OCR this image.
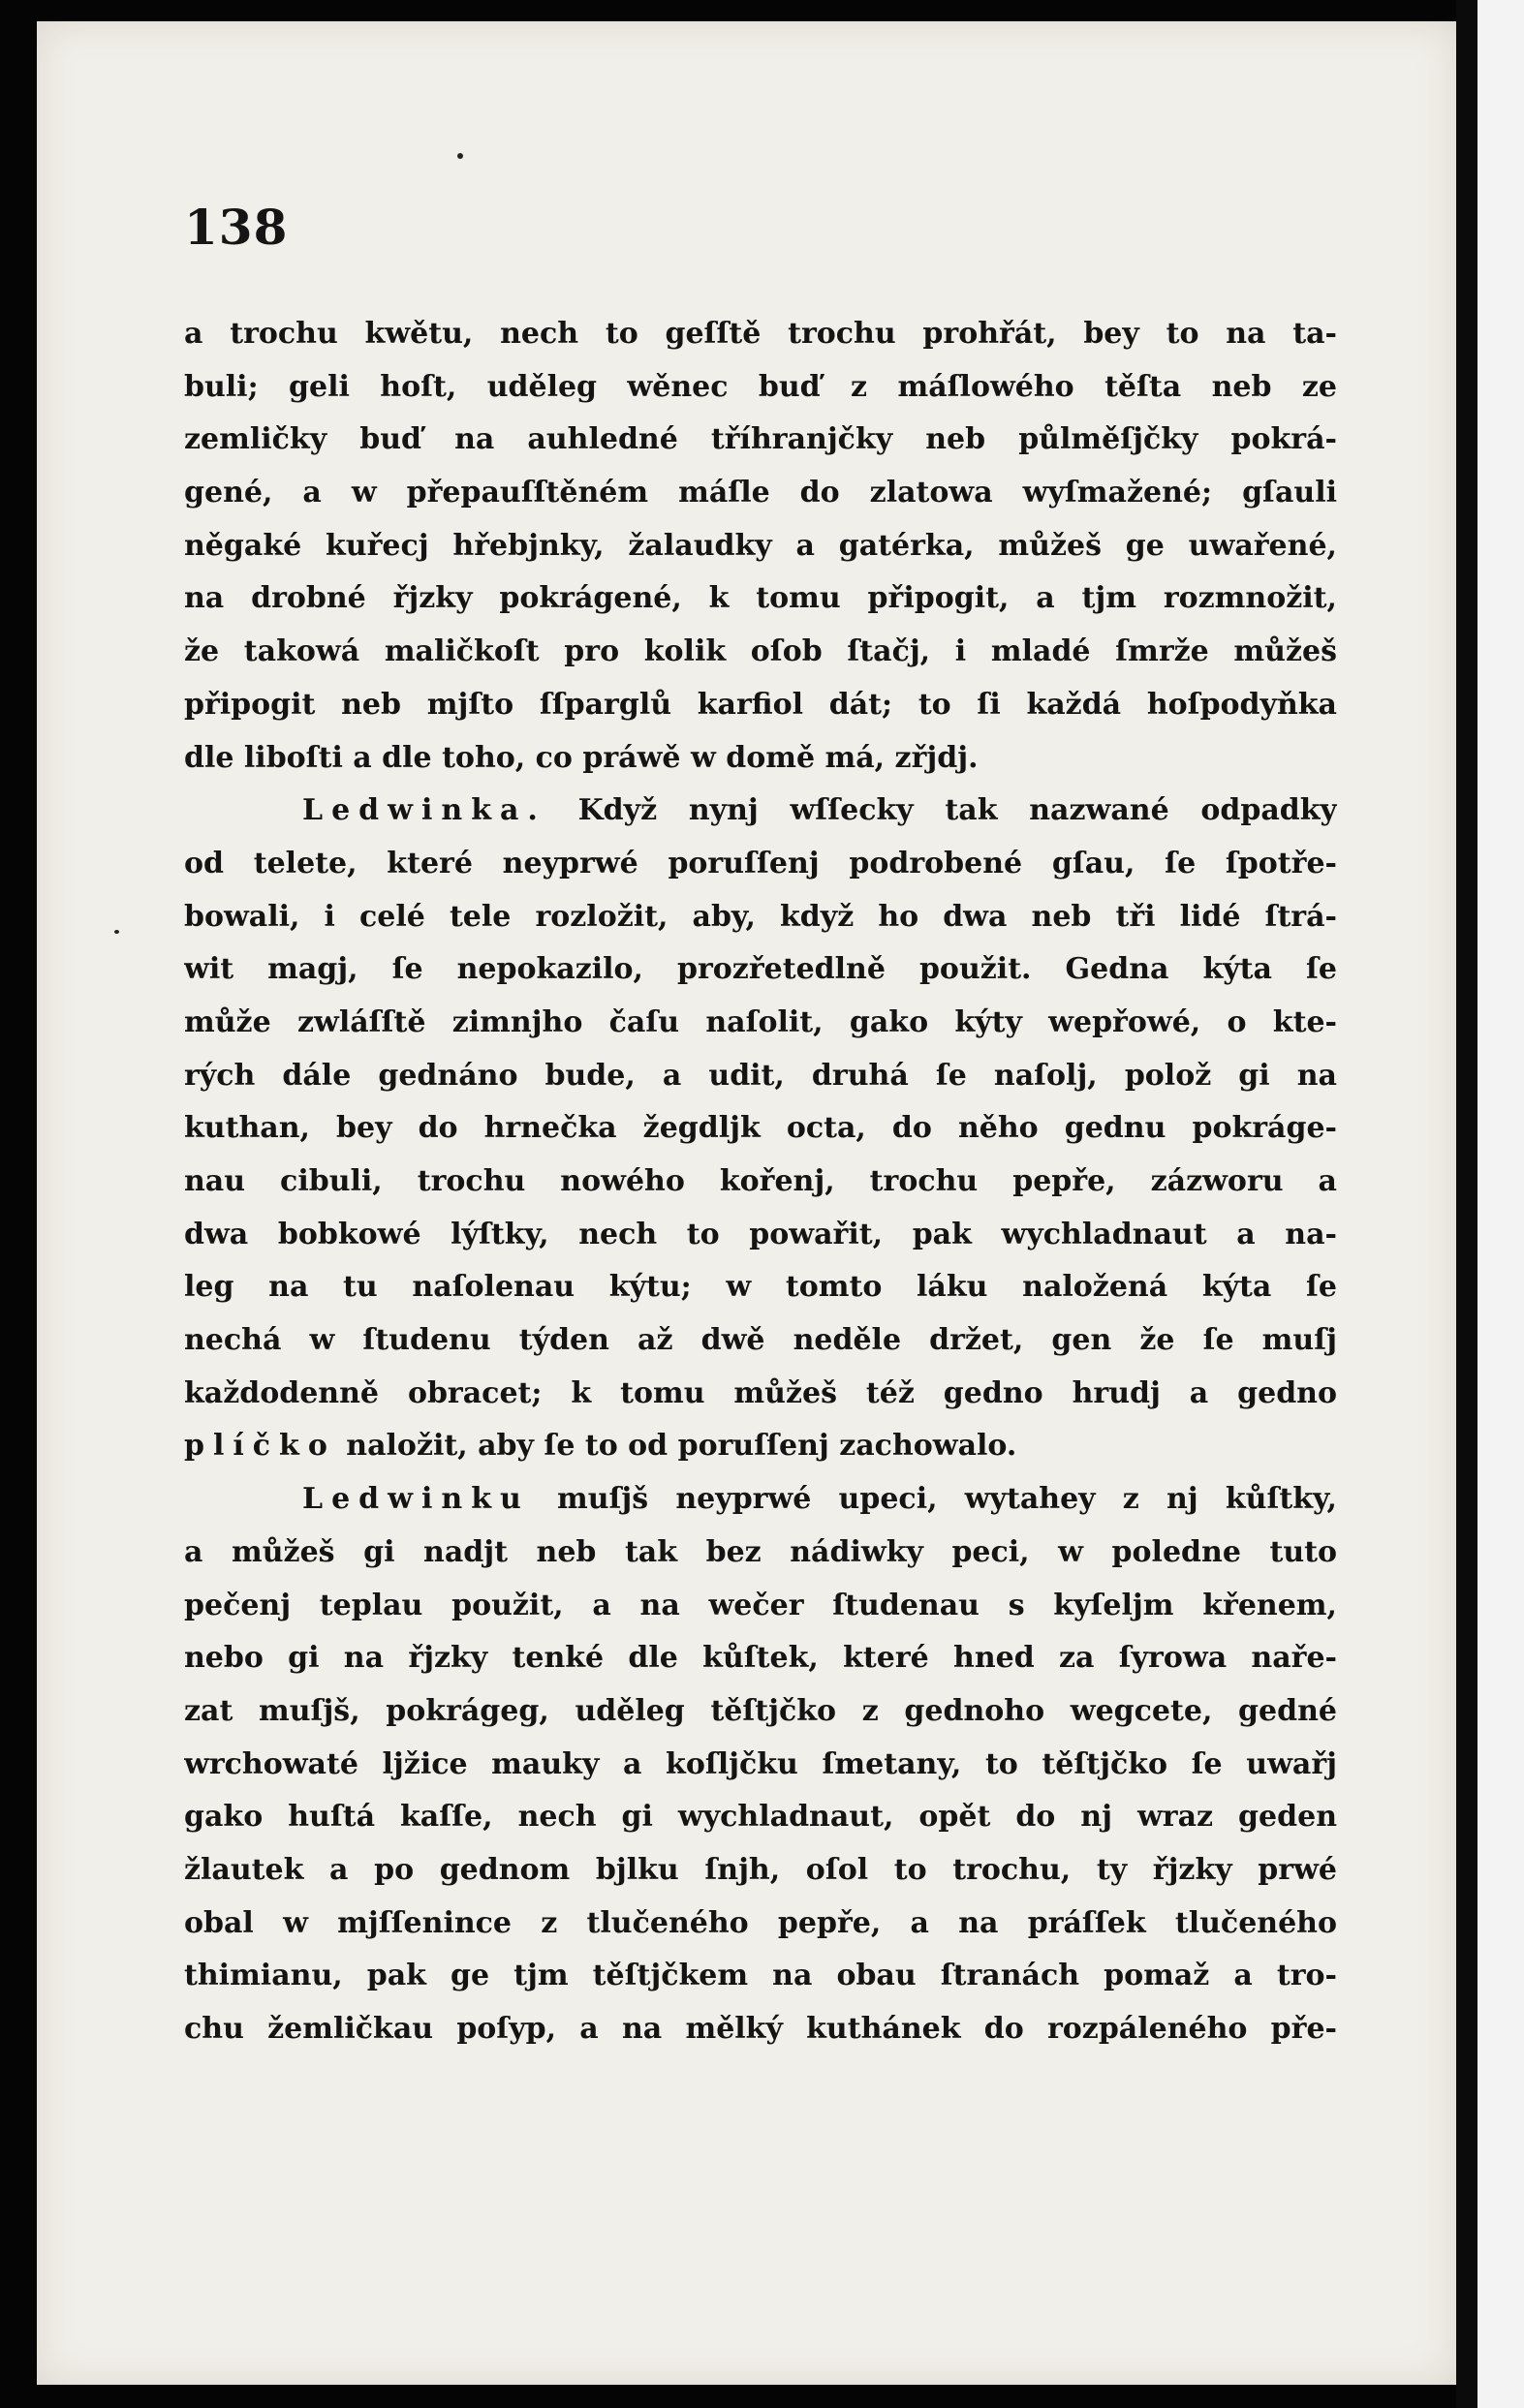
138
a trochu kwětu, nech to geſſtě trochu prohřát, bey to na ta-
buli; geli hoſt, uděleg wěnec buď z máſlowého těſta neb ze
zemličky buď na auhledné tříhranjčky neb půlměſjčky pokrá-
gené, a w přepauſſtěném máſle do zlatowa wyſmažené; gſauli
něgaké kuřecj hřebjnky, žalaudky a gatérka, můžeš ge uwařené,
na drobné řjzky pokrágené, k tomu připogit, a tjm rozmnožit,
že takowá maličkoſt pro kolik oſob ſtačj, i mladé ſmrže můžeš
připogit neb mjſto ſſparglů karfiol dát; to ſi každá hoſpodyňka
dle liboſti a dle toho, co práwě w domě má, zřjdj.
Ledwinka. Když nynj wſſecky tak nazwané odpadky
od telete, které neyprwé poruſſenj podrobené gſau, ſe ſpotře-
bowali, i celé tele rozložit, aby, když ho dwa neb tři lidé ſtrá-
wit magj, ſe nepokazilo, prozřetedlně použit. Gedna kýta ſe
může zwláſſtě zimnjho čaſu naſolit, gako kýty wepřowé, o kte-
rých dále gednáno bude, a udit, druhá ſe naſolj, polož gi na
kuthan, bey do hrnečka žegdljk octa, do něho gednu pokráge-
nau cibuli, trochu nowého kořenj, trochu pepře, zázworu a
dwa bobkowé lýſtky, nech to powařit, pak wychladnaut a na-
leg na tu naſolenau kýtu; w tomto láku naložená kýta ſe
nechá w ſtudenu týden až dwě neděle držet, gen že ſe muſj
každodenně obracet; k tomu můžeš též gedno hrudj a gedno
plíčko naložit, aby ſe to od poruſſenj zachowalo.
Ledwinku muſjš neyprwé upeci, wytahey z nj kůſtky,
a můžeš gi nadjt neb tak bez nádiwky peci, w poledne tuto
pečenj teplau použit, a na wečer ſtudenau s kyſeljm křenem,
nebo gi na řjzky tenké dle kůſtek, které hned za ſyrowa naře-
zat muſjš, pokrágeg, uděleg těſtjčko z gednoho wegcete, gedné
wrchowaté ljžice mauky a koſljčku ſmetany, to těſtjčko ſe uwařj
gako huſtá kaſſe, nech gi wychladnaut, opět do nj wraz geden
žlautek a po gednom bjlku ſnjh, oſol to trochu, ty řjzky prwé
obal w mjſſenince z tlučeného pepře, a na práſſek tlučeného
thimianu, pak ge tjm těſtjčkem na obau ſtranách pomaž a tro-
chu žemličkau poſyp, a na mělký kuthánek do rozpáleného pře-
